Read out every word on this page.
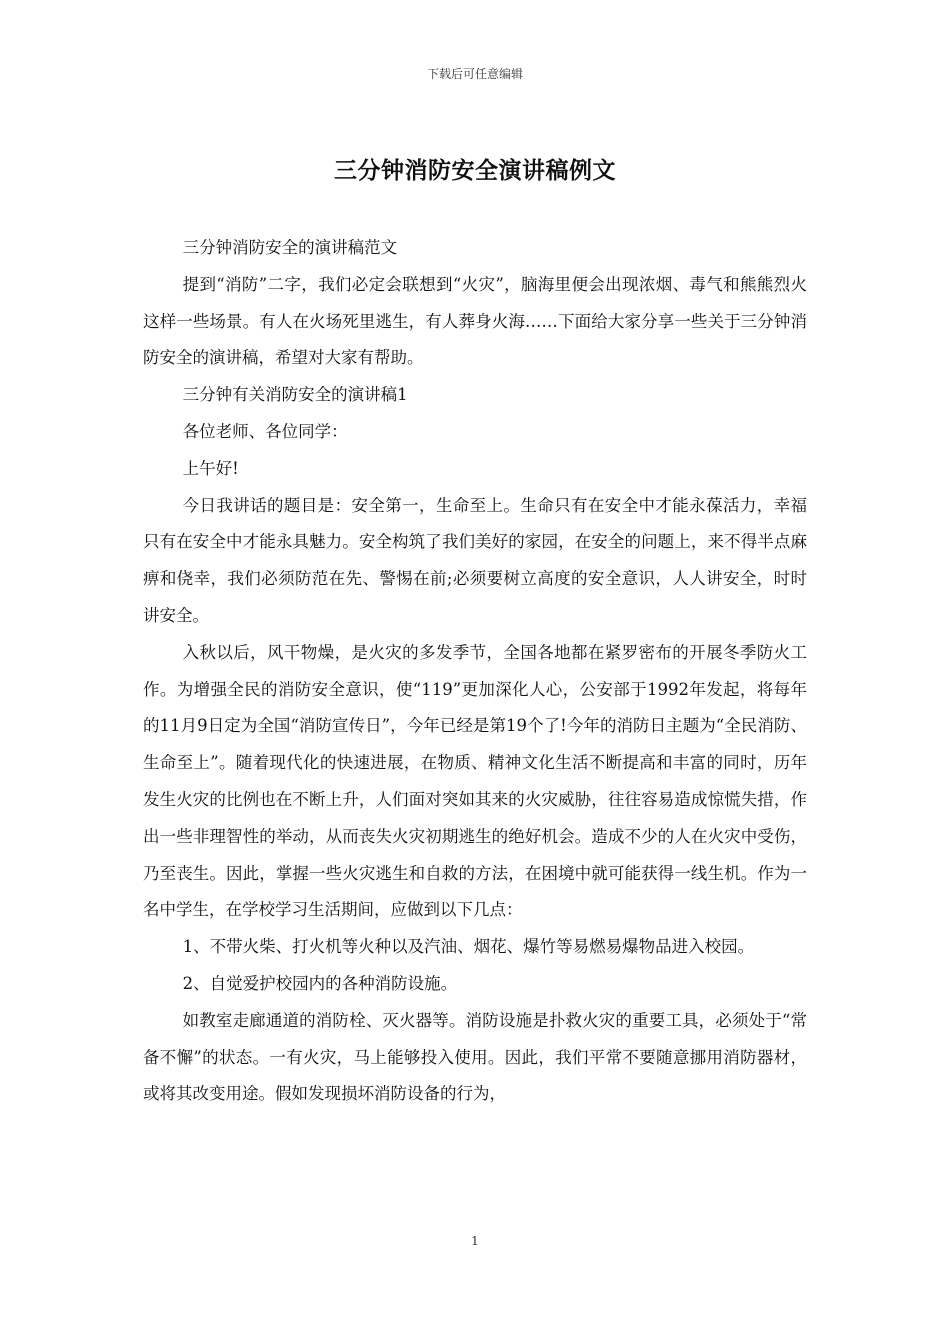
下载后可任意编辑
三分钟消防安全演讲稿例文

三分钟消防安全的演讲稿范文

提到“消防”二字，我们必定会联想到“火灾”，脑海里便会出现浓烟、毒气和熊熊烈火这样一些场景。有人在火场死里逃生，有人葬身火海……下面给大家分享一些关于三分钟消防安全的演讲稿，希望对大家有帮助。

三分钟有关消防安全的演讲稿1

各位老师、各位同学：

上午好!

今日我讲话的题目是：安全第一，生命至上。生命只有在安全中才能永葆活力，幸福只有在安全中才能永具魅力。安全构筑了我们美好的家园，在安全的问题上，来不得半点麻痹和侥幸，我们必须防范在先、警惕在前;必须要树立高度的安全意识，人人讲安全，时时讲安全。

入秋以后，风干物燥，是火灾的多发季节，全国各地都在紧罗密布的开展冬季防火工作。为增强全民的消防安全意识，使“119”更加深化人心，公安部于1992年发起，将每年的11月9日定为全国“消防宣传日”，今年已经是第19个了!今年的消防日主题为“全民消防、生命至上”。随着现代化的快速进展，在物质、精神文化生活不断提高和丰富的同时，历年发生火灾的比例也在不断上升，人们面对突如其来的火灾威胁，往往容易造成惊慌失措，作出一些非理智性的举动，从而丧失火灾初期逃生的绝好机会。造成不少的人在火灾中受伤，乃至丧生。因此，掌握一些火灾逃生和自救的方法，在困境中就可能获得一线生机。作为一名中学生，在学校学习生活期间，应做到以下几点：

1、不带火柴、打火机等火种以及汽油、烟花、爆竹等易燃易爆物品进入校园。

2、自觉爱护校园内的各种消防设施。

如教室走廊通道的消防栓、灭火器等。消防设施是扑救火灾的重要工具，必须处于“常备不懈”的状态。一有火灾，马上能够投入使用。因此，我们平常不要随意挪用消防器材，或将其改变用途。假如发现损坏消防设备的行为，

1
